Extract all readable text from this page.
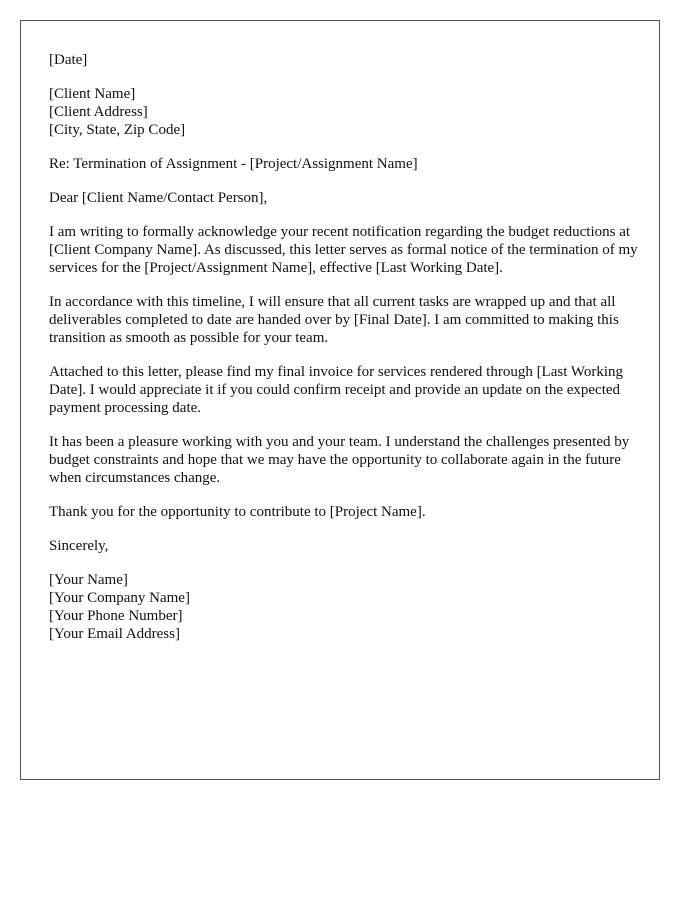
[Date]
[Client Name]
[Client Address]
[City, State, Zip Code]
Re: Termination of Assignment - [Project/Assignment Name]
Dear [Client Name/Contact Person],

I am writing to formally acknowledge your recent notification regarding the budget reductions at [Client Company Name]. As discussed, this letter serves as formal notice of the termination of my services for the [Project/Assignment Name], effective [Last Working Date].

In accordance with this timeline, I will ensure that all current tasks are wrapped up and that all deliverables completed to date are handed over by [Final Date]. I am committed to making this transition as smooth as possible for your team.

Attached to this letter, please find my final invoice for services rendered through [Last Working Date]. I would appreciate it if you could confirm receipt and provide an update on the expected payment processing date.

It has been a pleasure working with you and your team. I understand the challenges presented by budget constraints and hope that we may have the opportunity to collaborate again in the future when circumstances change.

Thank you for the opportunity to contribute to [Project Name].

Sincerely,
[Your Name]
[Your Company Name]
[Your Phone Number]
[Your Email Address]
